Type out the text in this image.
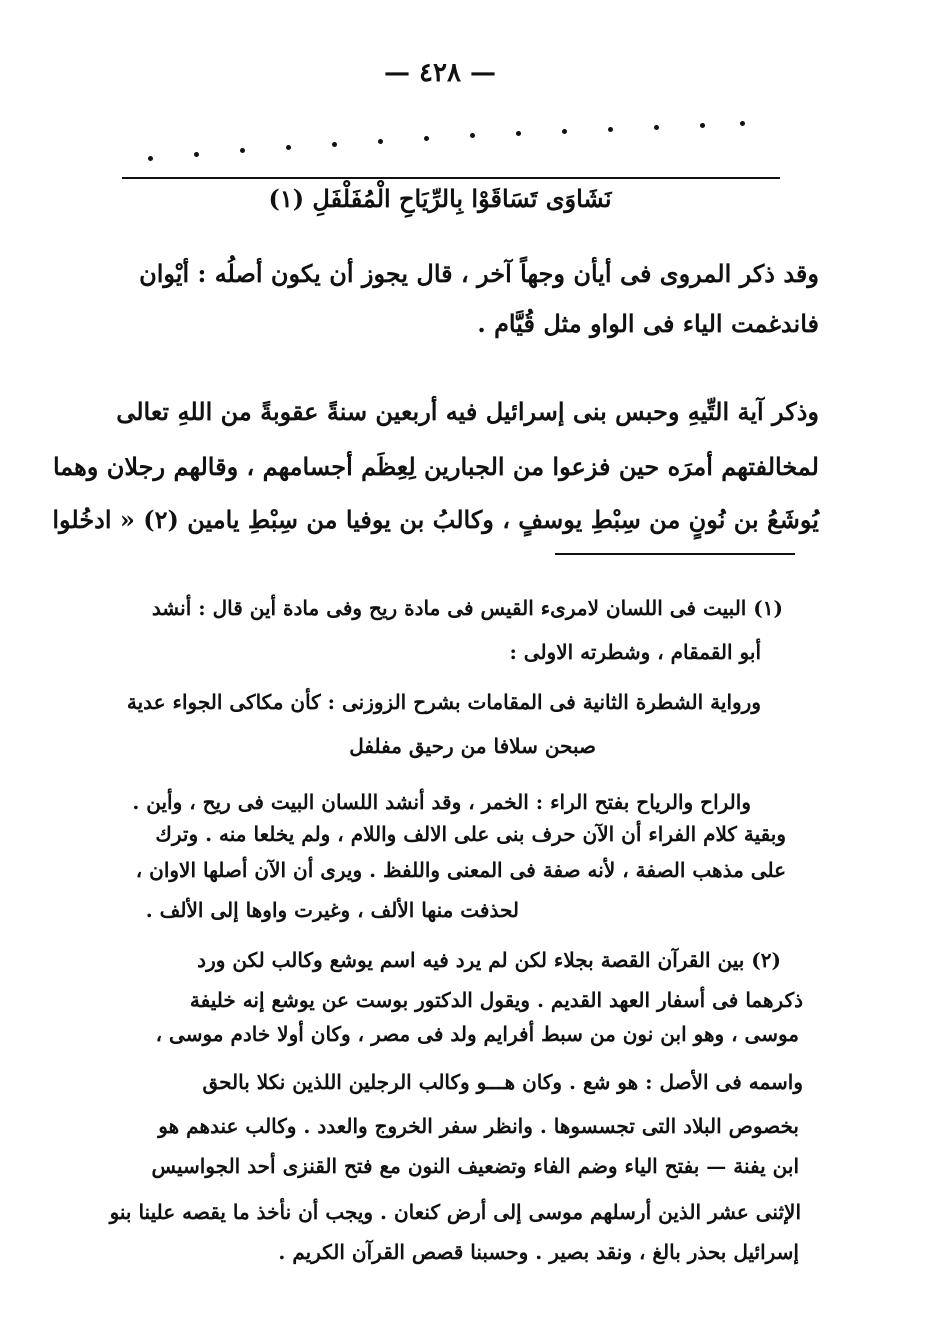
— ٤٢٨ —
نَشَاوَى تَسَاقَوْا بِالرِّيَاحِ الْمُفَلْفَلِ (١)
وقد ذكر المروى فى أيأن وجهاً آخر ، قال يجوز أن يكون أصلُه : أيْوان
فاندغمت الياء فى الواو مثل قُيَّام .
وذكر آية التِّيهِ وحبس بنى إسرائيل فيه أربعين سنةً عقوبةً من اللهِ تعالى
لمخالفتهم أمرَه حين فزعوا من الجبارين لِعِظَم أجسامهم ، وقالهم رجلان وهما
يُوشَعُ بن نُونٍ من سِبْطِ يوسفٍ ، وكالبُ بن يوفيا من سِبْطِ يامين (٢) « ادخُلوا
(١) البيت فى اللسان لامرىء القيس فى مادة ريح وفى مادة أين قال : أنشد
أبو القمقام ، وشطرته الاولى :
ورواية الشطرة الثانية فى المقامات بشرح الزوزنى : كأن مكاكى الجواء عدية
صبحن سلافا من رحيق مفلفل
والراح والرياح بفتح الراء : الخمر ، وقد أنشد اللسان البيت فى ريح ، وأين .
وبقية كلام الفراء أن الآن حرف بنى على الالف واللام ، ولم يخلعا منه . وترك
على مذهب الصفة ، لأنه صفة فى المعنى واللفظ . ويرى أن الآن أصلها الاوان ،
لحذفت منها الألف ، وغيرت واوها إلى الألف .
(٢) بين القرآن القصة بجلاء لكن لم يرد فيه اسم يوشع وكالب لكن ورد
ذكرهما فى أسفار العهد القديم . ويقول الدكتور بوست عن يوشع إنه خليفة
موسى ، وهو ابن نون من سبط أفرايم ولد فى مصر ، وكان أولا خادم موسى ،
واسمه فى الأصل : هو شع . وكان هـــو وكالب الرجلين اللذين نكلا بالحق
بخصوص البلاد التى تجسسوها . وانظر سفر الخروج والعدد . وكالب عندهم هو
ابن يفنة — بفتح الياء وضم الفاء وتضعيف النون مع فتح القنزى أحد الجواسيس
الإثنى عشر الذين أرسلهم موسى إلى أرض كنعان . ويجب أن نأخذ ما يقصه علينا بنو
إسرائيل بحذر بالغ ، ونقد بصير . وحسبنا قصص القرآن الكريم .
